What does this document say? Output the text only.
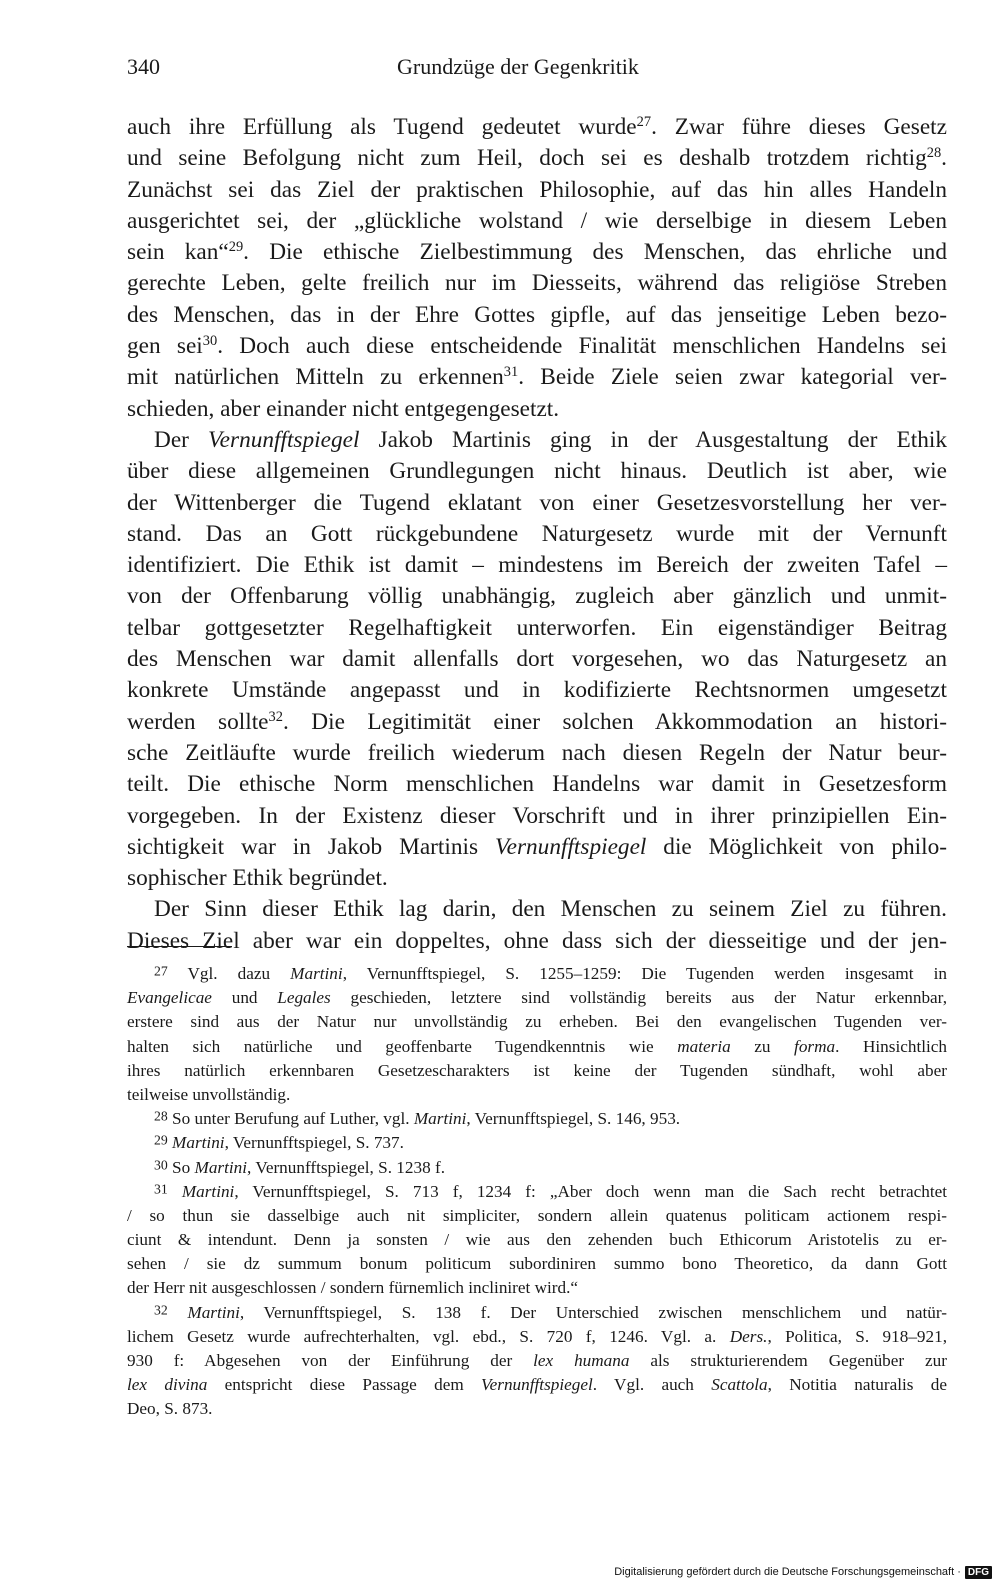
340	Grundzüge der Gegenkritik
auch ihre Erfüllung als Tugend gedeutet wurde$^{27}$. Zwar führe dieses Gesetz
und seine Befolgung nicht zum Heil, doch sei es deshalb trotzdem richtig$^{28}$.
Zunächst sei das Ziel der praktischen Philosophie, auf das hin alles Handeln
ausgerichtet sei, der „glückliche wolstand / wie derselbige in diesem Leben
sein kan“$^{29}$. Die ethische Zielbestimmung des Menschen, das ehrliche und
gerechte Leben, gelte freilich nur im Diesseits, während das religiöse Streben
des Menschen, das in der Ehre Gottes gipfle, auf das jenseitige Leben bezo-
gen sei$^{30}$. Doch auch diese entscheidende Finalität menschlichen Handelns sei
mit natürlichen Mitteln zu erkennen$^{31}$. Beide Ziele seien zwar kategorial ver-
schieden, aber einander nicht entgegengesetzt.
Der Vernunfftspiegel Jakob Martinis ging in der Ausgestaltung der Ethik
über diese allgemeinen Grundlegungen nicht hinaus. Deutlich ist aber, wie
der Wittenberger die Tugend eklatant von einer Gesetzesvorstellung her ver-
stand. Das an Gott rückgebundene Naturgesetz wurde mit der Vernunft
identifiziert. Die Ethik ist damit – mindestens im Bereich der zweiten Tafel –
von der Offenbarung völlig unabhängig, zugleich aber gänzlich und unmit-
telbar gottgesetzter Regelhaftigkeit unterworfen. Ein eigenständiger Beitrag
des Menschen war damit allenfalls dort vorgesehen, wo das Naturgesetz an
konkrete Umstände angepasst und in kodifizierte Rechtsnormen umgesetzt
werden sollte$^{32}$. Die Legitimität einer solchen Akkommodation an histori-
sche Zeitläufte wurde freilich wiederum nach diesen Regeln der Natur beur-
teilt. Die ethische Norm menschlichen Handelns war damit in Gesetzesform
vorgegeben. In der Existenz dieser Vorschrift und in ihrer prinzipiellen Ein-
sichtigkeit war in Jakob Martinis Vernunfftspiegel die Möglichkeit von philo-
sophischer Ethik begründet.
Der Sinn dieser Ethik lag darin, den Menschen zu seinem Ziel zu führen.
Dieses Ziel aber war ein doppeltes, ohne dass sich der diesseitige und der jen-
$^{27}$ Vgl. dazu Martini, Vernunfftspiegel, S. 1255–1259: Die Tugenden werden insgesamt in
Evangelicae und Legales geschieden, letztere sind vollständig bereits aus der Natur erkennbar,
erstere sind aus der Natur nur unvollständig zu erheben. Bei den evangelischen Tugenden ver-
halten sich natürliche und geoffenbarte Tugendkenntnis wie materia zu forma. Hinsichtlich
ihres natürlich erkennbaren Gesetzescharakters ist keine der Tugenden sündhaft, wohl aber
teilweise unvollständig.
$^{28}$ So unter Berufung auf Luther, vgl. Martini, Vernunfftspiegel, S. 146, 953.
$^{29}$ Martini, Vernunfftspiegel, S. 737.
$^{30}$ So Martini, Vernunfftspiegel, S. 1238 f.
$^{31}$ Martini, Vernunfftspiegel, S. 713 f, 1234 f: „Aber doch wenn man die Sach recht betrachtet
/ so thun sie dasselbige auch nit simpliciter, sondern allein quatenus politicam actionem respi-
ciunt & intendunt. Denn ja sonsten / wie aus den zehenden buch Ethicorum Aristotelis zu er-
sehen / sie dz summum bonum politicum subordiniren summo bono Theoretico, da dann Gott
der Herr nit ausgeschlossen / sondern fürnemlich incliniret wird.“
$^{32}$ Martini, Vernunfftspiegel, S. 138 f. Der Unterschied zwischen menschlichem und natür-
lichem Gesetz wurde aufrechterhalten, vgl. ebd., S. 720 f, 1246. Vgl. a. Ders., Politica, S. 918–921,
930 f: Abgesehen von der Einführung der lex humana als strukturierendem Gegenüber zur
lex divina entspricht diese Passage dem Vernunfftspiegel. Vgl. auch Scattola, Notitia naturalis de
Deo, S. 873.
Digitalisierung gefördert durch die Deutsche Forschungsgemeinschaft · DFG
